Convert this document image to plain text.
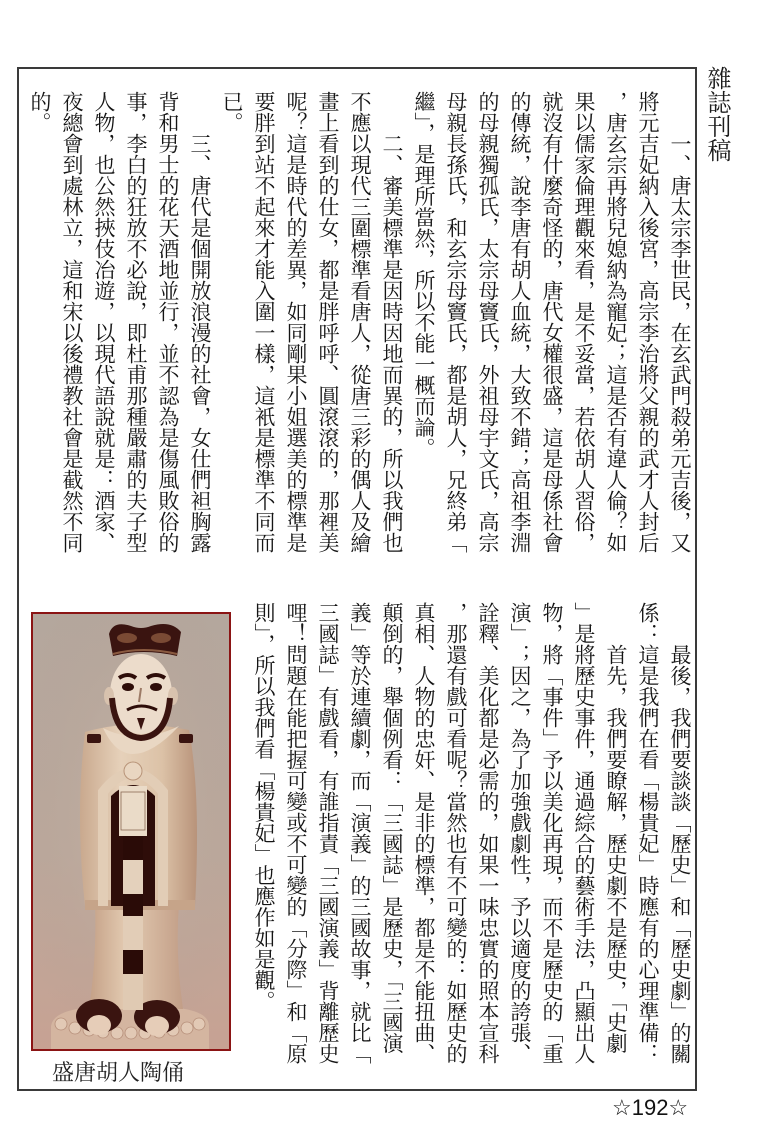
雜誌刊稿
一、唐太宗李世民，在玄武門殺弟元吉後，又
將元吉妃納入後宮，高宗李治將父親的武才人封后
，唐玄宗再將兒媳納為寵妃；這是否有違人倫？如
果以儒家倫理觀來看，是不妥當，若依胡人習俗，
就沒有什麼奇怪的，唐代女權很盛，這是母係社會
的傳統，說李唐有胡人血統，大致不錯；高祖李淵
的母親獨孤氏，太宗母竇氏，外祖母宇文氏，高宗
母親長孫氏，和玄宗母竇氏，都是胡人，兄終弟「
繼」，是理所當然，所以不能一概而論。
二、審美標準是因時因地而異的，所以我們也
不應以現代三圍標準看唐人，從唐三彩的偶人及繪
畫上看到的仕女，都是胖呼呼、圓滾滾的，那裡美
呢？這是時代的差異，如同剛果小姐選美的標準是
要胖到站不起來才能入圍一樣，這衹是標準不同而
已。
三、唐代是個開放浪漫的社會，女仕們袒胸露
背和男士的花天酒地並行，並不認為是傷風敗俗的
事，李白的狂放不必說，即杜甫那種嚴肅的夫子型
人物，也公然挾伎冶遊，以現代語說就是：酒家、
夜總會到處林立，這和宋以後禮教社會是截然不同
的。
最後，我們要談談「歷史」和「歷史劇」的關
係：這是我們在看「楊貴妃」時應有的心理準備：
首先，我們要瞭解，歷史劇不是歷史，「史劇
」是將歷史事件，通過綜合的藝術手法，凸顯出人
物，將「事件」予以美化再現，而不是歷史的「重
演」；因之，為了加強戲劇性，予以適度的誇張、
詮釋、美化都是必需的，如果一味忠實的照本宣科
，那還有戲可看呢？當然也有不可變的：如歷史的
真相、人物的忠奸、是非的標準，都是不能扭曲、
顛倒的，舉個例看：「三國誌」是歷史，「三國演
義」等於連續劇，而「演義」的三國故事，就比「
三國誌」有戲看，有誰指責「三國演義」背離歷史
哩！問題在能把握可變或不可變的「分際」和「原
則」，所以我們看「楊貴妃」也應作如是觀。
盛唐胡人陶俑
☆192☆
